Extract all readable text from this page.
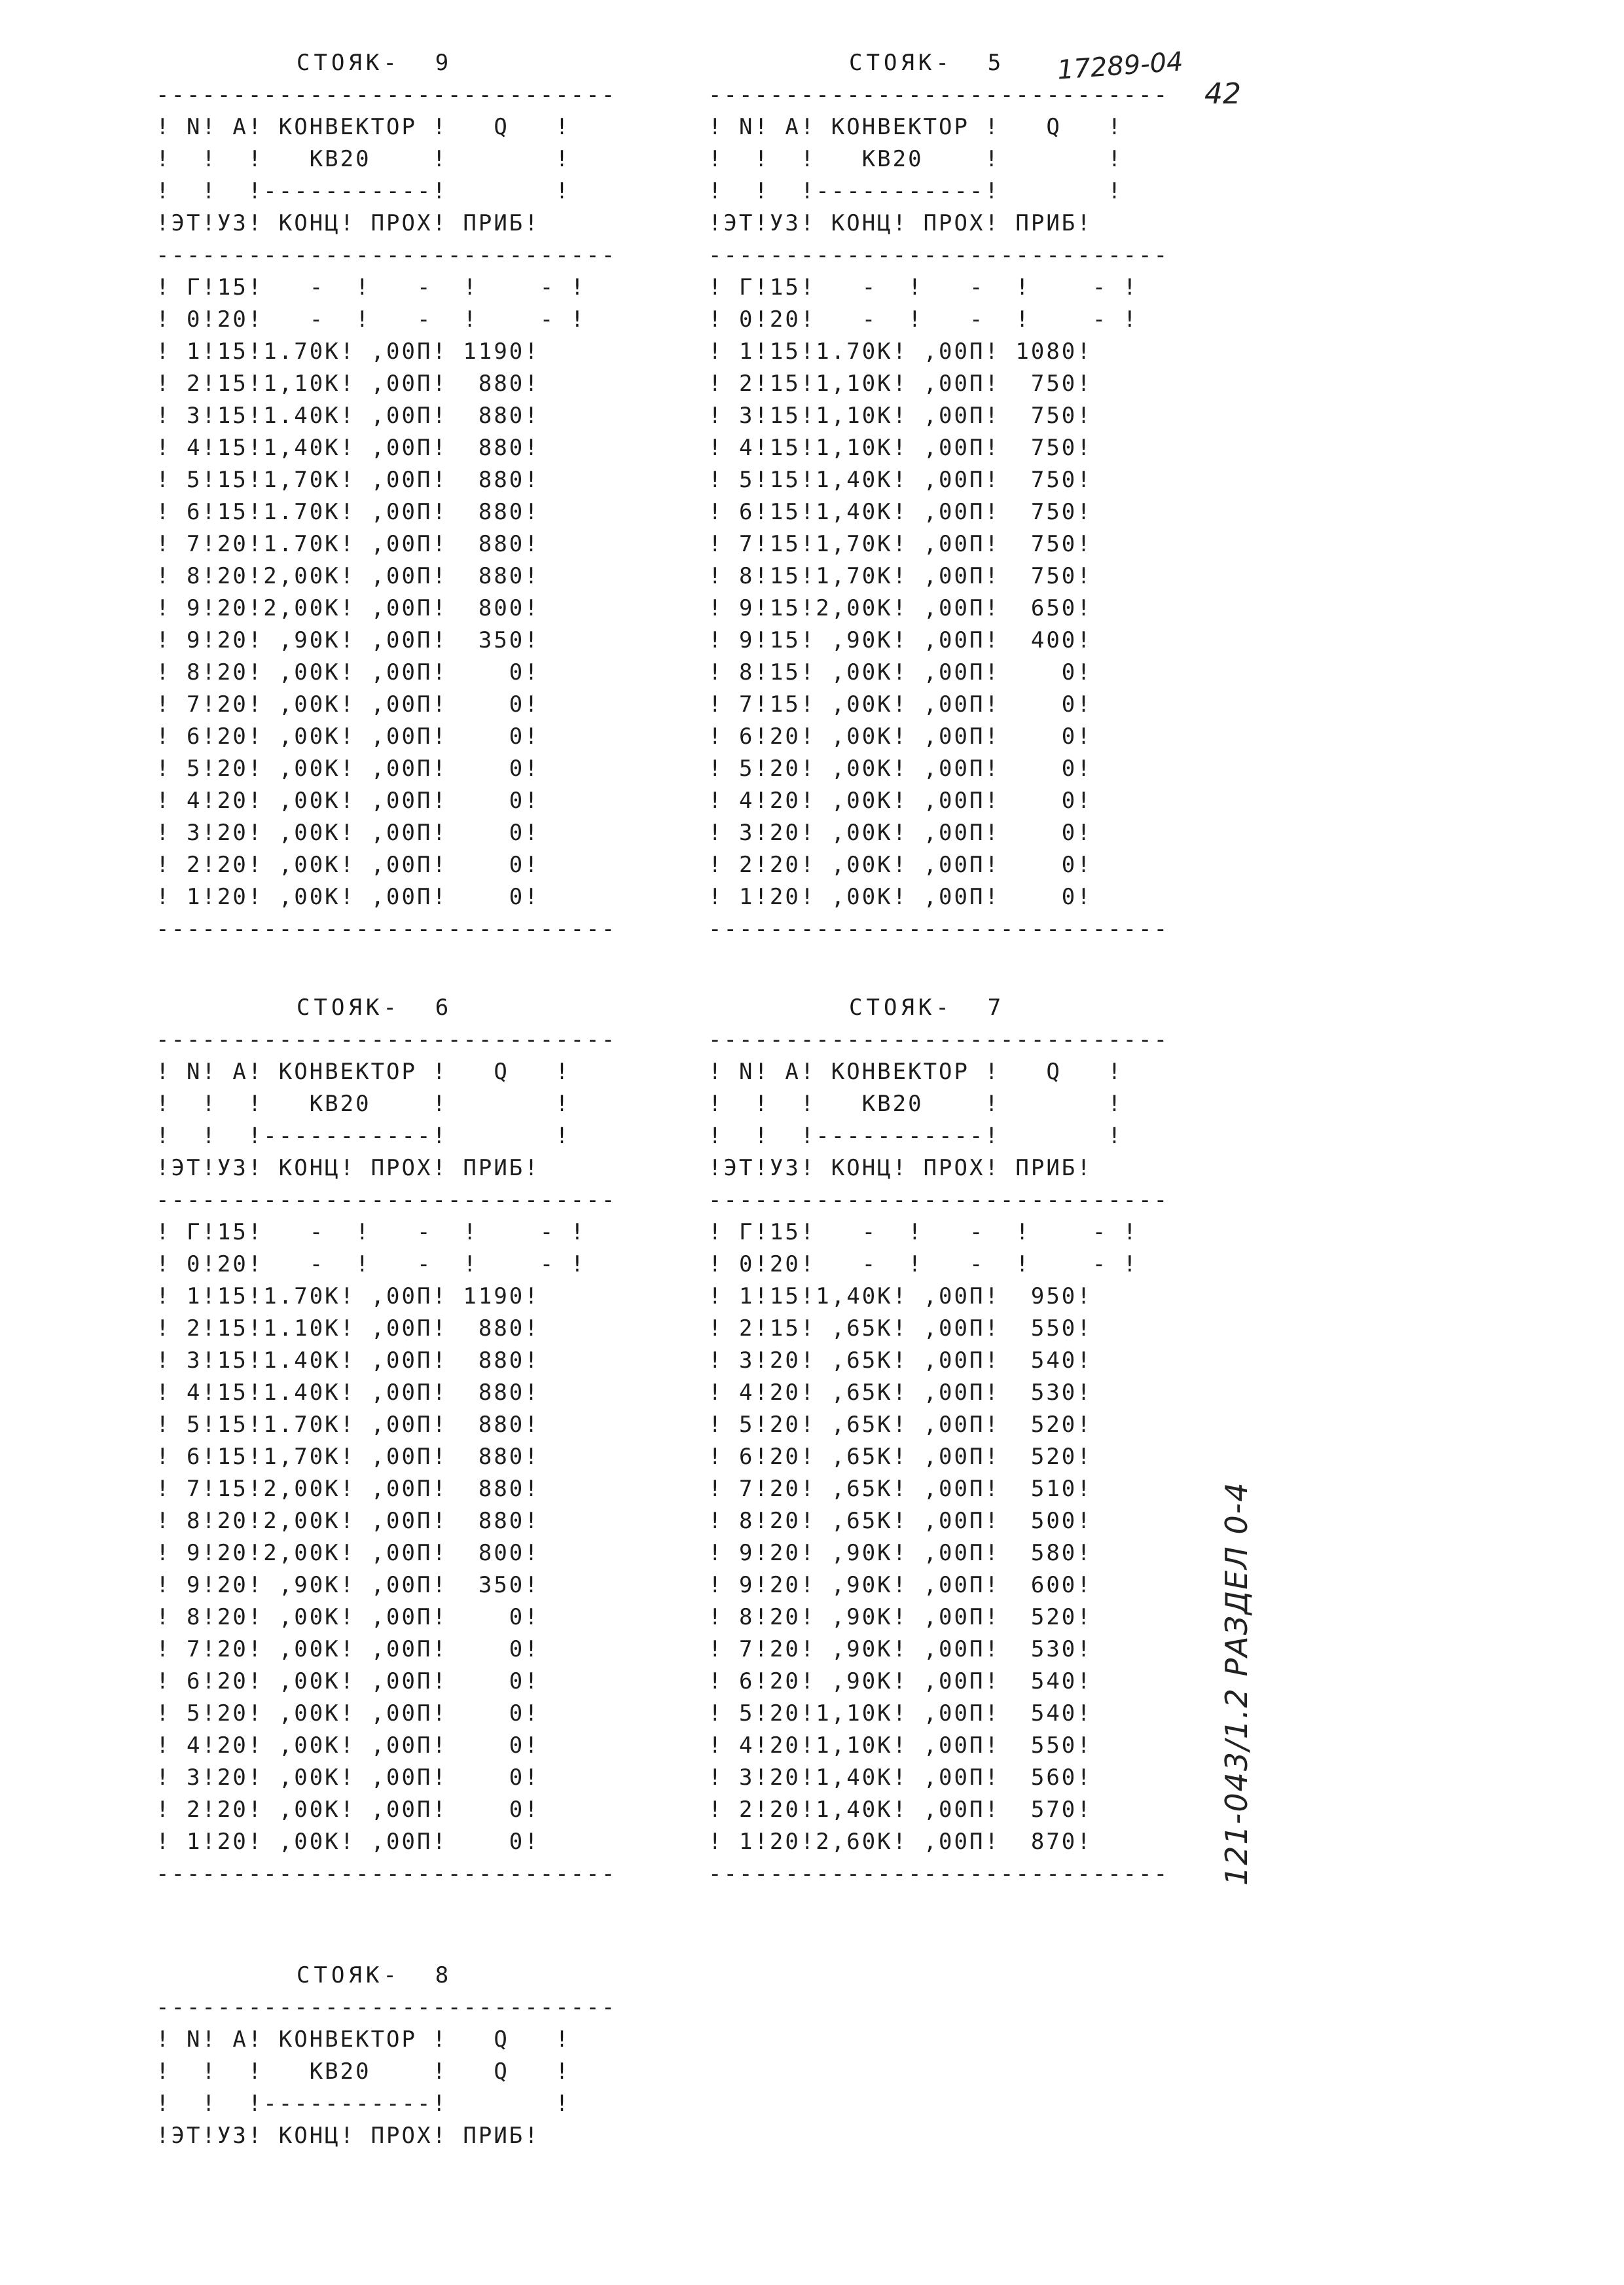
СТОЯК-  9
------------------------------
! N! А! КОНВЕКТОР !   Q   !
!  !  !   КВ20    !       !
!  !  !-----------!       !
!ЭТ!УЗ! КОНЦ! ПРОХ! ПРИБ!
------------------------------
! Г!15!   -  !   -  !    - !
! 0!20!   -  !   -  !    - !
! 1!15!1.70К! ,00П! 1190!
! 2!15!1,10К! ,00П!  880!
! 3!15!1.40К! ,00П!  880!
! 4!15!1,40К! ,00П!  880!
! 5!15!1,70К! ,00П!  880!
! 6!15!1.70К! ,00П!  880!
! 7!20!1.70К! ,00П!  880!
! 8!20!2,00К! ,00П!  880!
! 9!20!2,00К! ,00П!  800!
! 9!20! ,90К! ,00П!  350!
! 8!20! ,00К! ,00П!    0!
! 7!20! ,00К! ,00П!    0!
! 6!20! ,00К! ,00П!    0!
! 5!20! ,00К! ,00П!    0!
! 4!20! ,00К! ,00П!    0!
! 3!20! ,00К! ,00П!    0!
! 2!20! ,00К! ,00П!    0!
! 1!20! ,00К! ,00П!    0!
------------------------------
СТОЯК-  5
------------------------------
! N! А! КОНВЕКТОР !   Q   !
!  !  !   КВ20    !       !
!  !  !-----------!       !
!ЭТ!УЗ! КОНЦ! ПРОХ! ПРИБ!
------------------------------
! Г!15!   -  !   -  !    - !
! 0!20!   -  !   -  !    - !
! 1!15!1.70К! ,00П! 1080!
! 2!15!1,10К! ,00П!  750!
! 3!15!1,10К! ,00П!  750!
! 4!15!1,10К! ,00П!  750!
! 5!15!1,40К! ,00П!  750!
! 6!15!1,40К! ,00П!  750!
! 7!15!1,70К! ,00П!  750!
! 8!15!1,70К! ,00П!  750!
! 9!15!2,00К! ,00П!  650!
! 9!15! ,90К! ,00П!  400!
! 8!15! ,00К! ,00П!    0!
! 7!15! ,00К! ,00П!    0!
! 6!20! ,00К! ,00П!    0!
! 5!20! ,00К! ,00П!    0!
! 4!20! ,00К! ,00П!    0!
! 3!20! ,00К! ,00П!    0!
! 2!20! ,00К! ,00П!    0!
! 1!20! ,00К! ,00П!    0!
------------------------------
СТОЯК-  6
------------------------------
! N! А! КОНВЕКТОР !   Q   !
!  !  !   КВ20    !       !
!  !  !-----------!       !
!ЭТ!УЗ! КОНЦ! ПРОХ! ПРИБ!
------------------------------
! Г!15!   -  !   -  !    - !
! 0!20!   -  !   -  !    - !
! 1!15!1.70К! ,00П! 1190!
! 2!15!1.10К! ,00П!  880!
! 3!15!1.40К! ,00П!  880!
! 4!15!1.40К! ,00П!  880!
! 5!15!1.70К! ,00П!  880!
! 6!15!1,70К! ,00П!  880!
! 7!15!2,00К! ,00П!  880!
! 8!20!2,00К! ,00П!  880!
! 9!20!2,00К! ,00П!  800!
! 9!20! ,90К! ,00П!  350!
! 8!20! ,00К! ,00П!    0!
! 7!20! ,00К! ,00П!    0!
! 6!20! ,00К! ,00П!    0!
! 5!20! ,00К! ,00П!    0!
! 4!20! ,00К! ,00П!    0!
! 3!20! ,00К! ,00П!    0!
! 2!20! ,00К! ,00П!    0!
! 1!20! ,00К! ,00П!    0!
------------------------------
СТОЯК-  7
------------------------------
! N! А! КОНВЕКТОР !   Q   !
!  !  !   КВ20    !       !
!  !  !-----------!       !
!ЭТ!УЗ! КОНЦ! ПРОХ! ПРИБ!
------------------------------
! Г!15!   -  !   -  !    - !
! 0!20!   -  !   -  !    - !
! 1!15!1,40К! ,00П!  950!
! 2!15! ,65К! ,00П!  550!
! 3!20! ,65К! ,00П!  540!
! 4!20! ,65К! ,00П!  530!
! 5!20! ,65К! ,00П!  520!
! 6!20! ,65К! ,00П!  520!
! 7!20! ,65К! ,00П!  510!
! 8!20! ,65К! ,00П!  500!
! 9!20! ,90К! ,00П!  580!
! 9!20! ,90К! ,00П!  600!
! 8!20! ,90К! ,00П!  520!
! 7!20! ,90К! ,00П!  530!
! 6!20! ,90К! ,00П!  540!
! 5!20!1,10К! ,00П!  540!
! 4!20!1,10К! ,00П!  550!
! 3!20!1,40К! ,00П!  560!
! 2!20!1,40К! ,00П!  570!
! 1!20!2,60К! ,00П!  870!
------------------------------
СТОЯК-  8
------------------------------
! N! А! КОНВЕКТОР !   Q   !
!  !  !   КВ20    !   Q   !
!  !  !-----------!       !
!ЭТ!УЗ! КОНЦ! ПРОХ! ПРИБ!
17289-04
42
121-043/1.2 РАЗДЕЛ 0-4
